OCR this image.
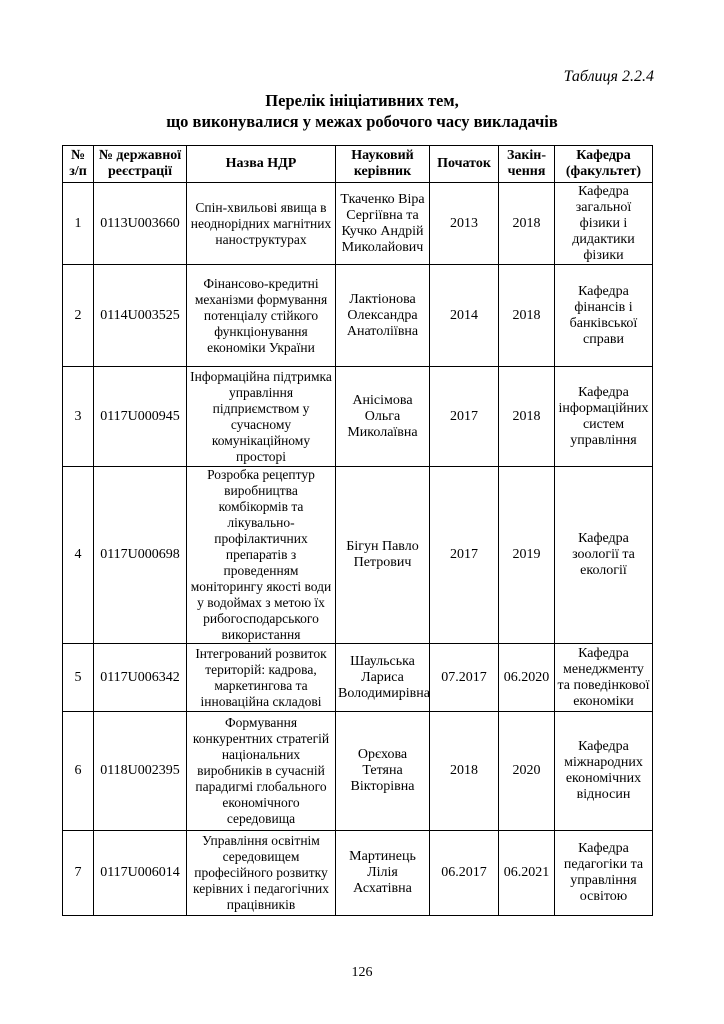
Таблиця 2.2.4
Перелік ініціативних тем,
що виконувалися у межах робочого часу викладачів
№ з/п	№ державної реєстрації	Назва НДР	Науковий керівник	Початок	Закін-чення	Кафедра (факультет)
1	0113U003660	Спін-хвильові явища в неоднорідних магнітних наноструктурах	Ткаченко Віра Сергіївна та Кучко Андрій Миколайович	2013	2018	Кафедра загальної фізики і дидактики фізики
2	0114U003525	Фінансово-кредитні механізми формування потенціалу стійкого функціонування економіки України	Лактіонова Олександра Анатоліївна	2014	2018	Кафедра фінансів і банківської справи
3	0117U000945	Інформаційна підтримка управління підприємством у сучасному комунікаційному просторі	Анісімова Ольга Миколаївна	2017	2018	Кафедра інформаційних систем управління
4	0117U000698	Розробка рецептур виробництва комбікормів та лікувально-профілактичних препаратів з проведенням моніторингу якості води у водоймах з метою їх рибогосподарського використання	Бігун Павло Петрович	2017	2019	Кафедра зоології та екології
5	0117U006342	Інтегрований розвиток територій: кадрова, маркетингова та інноваційна складові	Шаульська Лариса Володимирівна	07.2017	06.2020	Кафедра менеджменту та поведінкової економіки
6	0118U002395	Формування конкурентних стратегій національних виробників в сучасній парадигмі глобального економічного середовища	Орєхова Тетяна Вікторівна	2018	2020	Кафедра міжнародних економічних відносин
7	0117U006014	Управління освітнім середовищем професійного розвитку керівних і педагогічних працівників	Мартинець Лілія Асхатівна	06.2017	06.2021	Кафедра педагогіки та управління освітою
126
